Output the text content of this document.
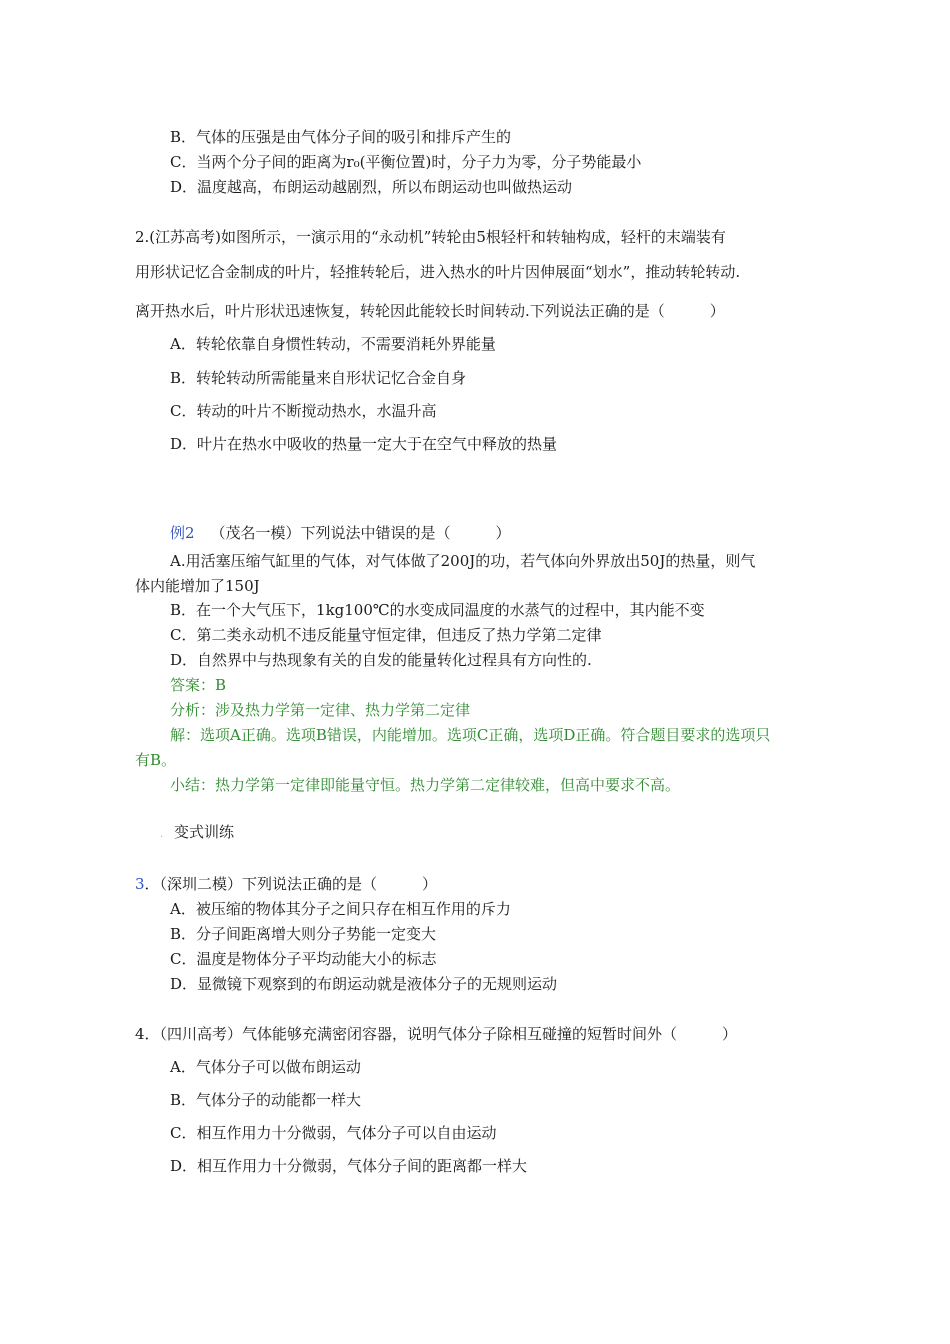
B．气体的压强是由气体分子间的吸引和排斥产生的
C．当两个分子间的距离为r₀(平衡位置)时，分子力为零，分子势能最小
D．温度越高，布朗运动越剧烈，所以布朗运动也叫做热运动
2.(江苏高考)如图所示，一演示用的“永动机”转轮由5根轻杆和转轴构成，轻杆的末端装有
用形状记忆合金制成的叶片，轻推转轮后，进入热水的叶片因伸展面“划水”，推动转轮转动.
离开热水后，叶片形状迅速恢复，转轮因此能较长时间转动.下列说法正确的是（　　　）
A．转轮依靠自身惯性转动，不需要消耗外界能量
B．转轮转动所需能量来自形状记忆合金自身
C．转动的叶片不断搅动热水，水温升高
D．叶片在热水中吸收的热量一定大于在空气中释放的热量
例2 （茂名一模）下列说法中错误的是（　　　）
A.用活塞压缩气缸里的气体，对气体做了200J的功，若气体向外界放出50J的热量，则气
体内能增加了150J
B．在一个大气压下，1kg100℃的水变成同温度的水蒸气的过程中，其内能不变
C．第二类永动机不违反能量守恒定律，但违反了热力学第二定律
D．自然界中与热现象有关的自发的能量转化过程具有方向性的.
答案：B
分析：涉及热力学第一定律、热力学第二定律
解：选项A正确。选项B错误，内能增加。选项C正确，选项D正确。符合题目要求的选项只
有B。
小结：热力学第一定律即能量守恒。热力学第二定律较难，但高中要求不高。
. 变式训练
3．（深圳二模）下列说法正确的是（　　　）
A．被压缩的物体其分子之间只存在相互作用的斥力
B．分子间距离增大则分子势能一定变大
C．温度是物体分子平均动能大小的标志
D．显微镜下观察到的布朗运动就是液体分子的无规则运动
4．（四川高考）气体能够充满密闭容器，说明气体分子除相互碰撞的短暂时间外（　　　）
A．气体分子可以做布朗运动
B．气体分子的动能都一样大
C．相互作用力十分微弱，气体分子可以自由运动
D．相互作用力十分微弱，气体分子间的距离都一样大
